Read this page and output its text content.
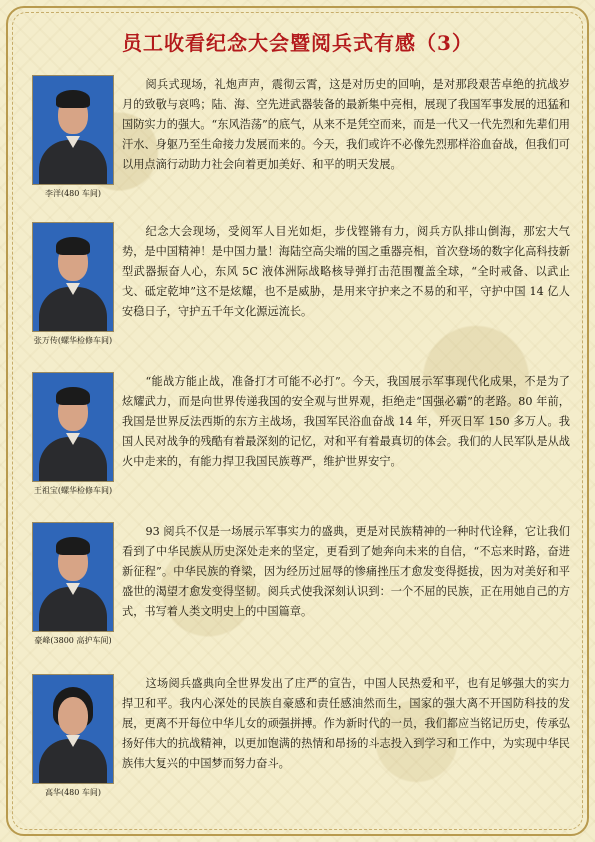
员工收看纪念大会暨阅兵式有感（3）
李洋(480 车间)

阅兵式现场，礼炮声声，震彻云霄，这是对历史的回响，是对那段艰苦卓绝的抗战岁月的致敬与哀鸣；陆、海、空先进武器装备的最新集中亮相，展现了我国军事发展的迅猛和国防实力的强大。“东风浩荡”的底气，从来不是凭空而来，而是一代又一代先烈和先辈们用汗水、身躯乃至生命接力发展而来的。今天，我们或许不必像先烈那样浴血奋战，但我们可以用点滴行动助力社会向着更加美好、和平的明天发展。

张万传(螺华检修车间)

纪念大会现场，受阅军人目光如炬，步伐铿锵有力，阅兵方队排山倒海，那宏大气势，是中国精神！是中国力量！海陆空高尖端的国之重器亮相，首次登场的数字化高科技新型武器振奋人心，东风 5C 液体洲际战略核导弹打击范围覆盖全球，“全时戒备、以武止戈、砥定乾坤”这不是炫耀，也不是威胁，是用来守护来之不易的和平，守护中国 14 亿人安稳日子，守护五千年文化源远流长。

王祖宝(螺华检修车间)

“能战方能止战，准备打才可能不必打”。今天，我国展示军事现代化成果，不是为了炫耀武力，而是向世界传递我国的安全观与世界观，拒绝走“国强必霸”的老路。80 年前，我国是世界反法西斯的东方主战场，我国军民浴血奋战 14 年，歼灭日军 150 多万人。我国人民对战争的残酷有着最深刻的记忆，对和平有着最真切的体会。我们的人民军队是从战火中走来的，有能力捍卫我国民族尊严，维护世界安宁。

豪峰(3800 高护车间)

93 阅兵不仅是一场展示军事实力的盛典，更是对民族精神的一种时代诠释，它让我们看到了中华民族从历史深处走来的坚定，更看到了她奔向未来的自信，“不忘来时路，奋进新征程”。中华民族的脊梁，因为经历过屈辱的惨痛挫压才愈发变得挺拔，因为对美好和平盛世的渴望才愈发变得坚韧。阅兵式使我深刻认识到：一个不屈的民族，正在用她自己的方式，书写着人类文明史上的中国篇章。

高华(480 车间)

这场阅兵盛典向全世界发出了庄严的宣告，中国人民热爱和平，也有足够强大的实力捍卫和平。我内心深处的民族自豪感和责任感油然而生，国家的强大离不开国防科技的发展，更离不开每位中华儿女的顽强拼搏。作为新时代的一员，我们都应当铭记历史，传承弘扬好伟大的抗战精神，以更加饱满的热情和昂扬的斗志投入到学习和工作中，为实现中华民族伟大复兴的中国梦而努力奋斗。
